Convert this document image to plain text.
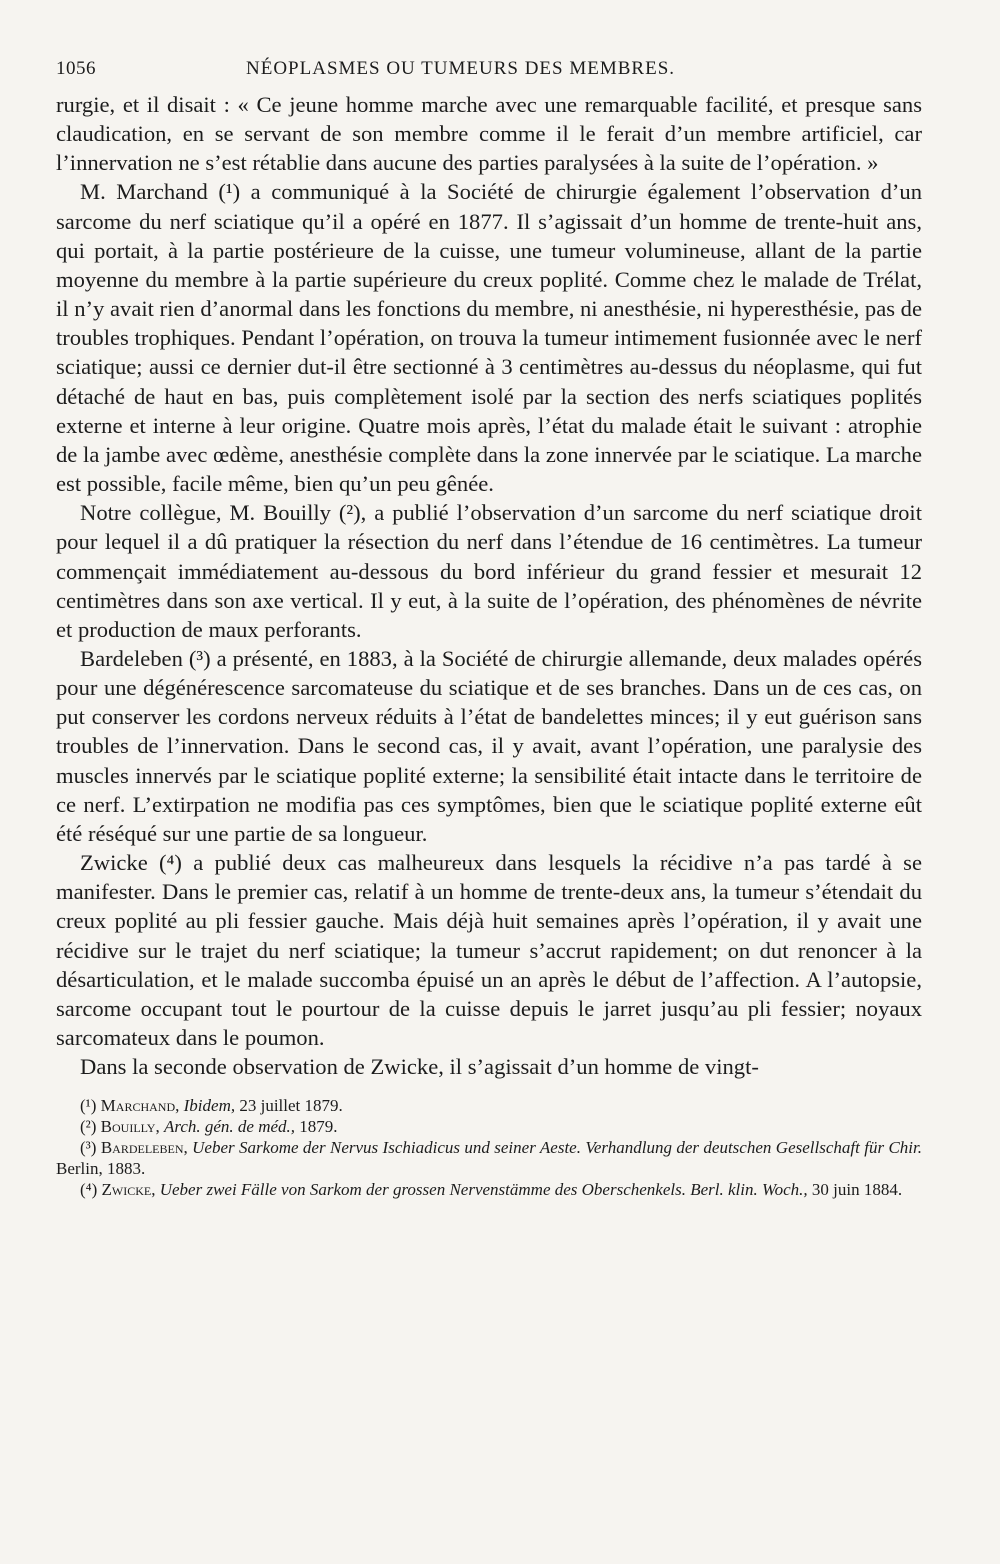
1056	NÉOPLASMES OU TUMEURS DES MEMBRES.

rurgie, et il disait : « Ce jeune homme marche avec une remarquable facilité, et presque sans claudication, en se servant de son membre comme il le ferait d’un membre artificiel, car l’innervation ne s’est rétablie dans aucune des parties paralysées à la suite de l’opération. »

M. Marchand (¹) a communiqué à la Société de chirurgie également l’observation d’un sarcome du nerf sciatique qu’il a opéré en 1877. Il s’agissait d’un homme de trente-huit ans, qui portait, à la partie postérieure de la cuisse, une tumeur volumineuse, allant de la partie moyenne du membre à la partie supérieure du creux poplité. Comme chez le malade de Trélat, il n’y avait rien d’anormal dans les fonctions du membre, ni anesthésie, ni hyperesthésie, pas de troubles trophiques. Pendant l’opération, on trouva la tumeur intimement fusionnée avec le nerf sciatique; aussi ce dernier dut-il être sectionné à 3 centimètres au-dessus du néoplasme, qui fut détaché de haut en bas, puis complètement isolé par la section des nerfs sciatiques poplités externe et interne à leur origine. Quatre mois après, l’état du malade était le suivant : atrophie de la jambe avec œdème, anesthésie complète dans la zone innervée par le sciatique. La marche est possible, facile même, bien qu’un peu gênée.

Notre collègue, M. Bouilly (²), a publié l’observation d’un sarcome du nerf sciatique droit pour lequel il a dû pratiquer la résection du nerf dans l’étendue de 16 centimètres. La tumeur commençait immédiatement au-dessous du bord inférieur du grand fessier et mesurait 12 centimètres dans son axe vertical. Il y eut, à la suite de l’opération, des phénomènes de névrite et production de maux perforants.

Bardeleben (³) a présenté, en 1883, à la Société de chirurgie allemande, deux malades opérés pour une dégénérescence sarcomateuse du sciatique et de ses branches. Dans un de ces cas, on put conserver les cordons nerveux réduits à l’état de bandelettes minces; il y eut guérison sans troubles de l’innervation. Dans le second cas, il y avait, avant l’opération, une paralysie des muscles innervés par le sciatique poplité externe; la sensibilité était intacte dans le territoire de ce nerf. L’extirpation ne modifia pas ces symptômes, bien que le sciatique poplité externe eût été réséqué sur une partie de sa longueur.

Zwicke (⁴) a publié deux cas malheureux dans lesquels la récidive n’a pas tardé à se manifester. Dans le premier cas, relatif à un homme de trente-deux ans, la tumeur s’étendait du creux poplité au pli fessier gauche. Mais déjà huit semaines après l’opération, il y avait une récidive sur le trajet du nerf sciatique; la tumeur s’accrut rapidement; on dut renoncer à la désarticulation, et le malade succomba épuisé un an après le début de l’affection. A l’autopsie, sarcome occupant tout le pourtour de la cuisse depuis le jarret jusqu’au pli fessier; noyaux sarcomateux dans le poumon.

Dans la seconde observation de Zwicke, il s’agissait d’un homme de vingt-

(¹) Marchand, Ibidem, 23 juillet 1879.

(²) Bouilly, Arch. gén. de méd., 1879.

(³) Bardeleben, Ueber Sarkome der Nervus Ischiadicus und seiner Aeste. Verhandlung der deutschen Gesellschaft für Chir. Berlin, 1883.

(⁴) Zwicke, Ueber zwei Fälle von Sarkom der grossen Nervenstämme des Oberschenkels. Berl. klin. Woch., 30 juin 1884.
